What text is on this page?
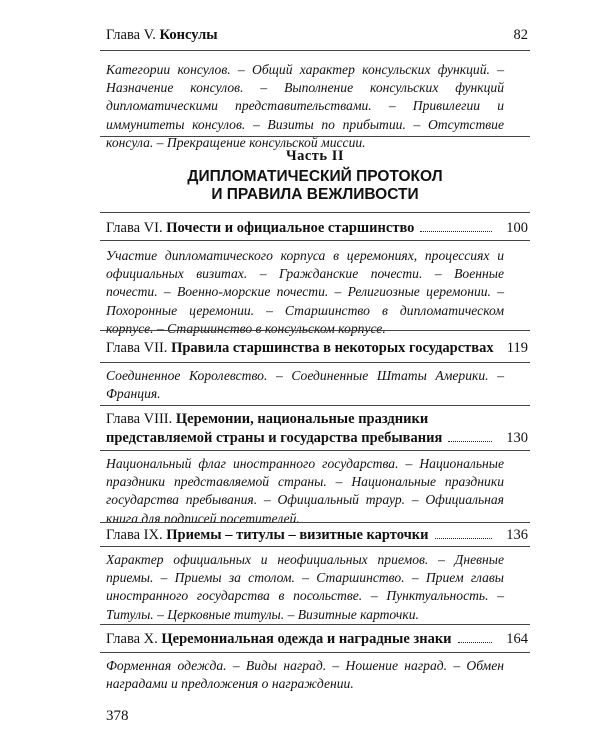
Глава V. Консулы	82
Категории консулов. – Общий характер консульских функций. – Назначение консулов. – Выполнение консульских функций дипломатическими представительствами. – Привилегии и иммунитеты консулов. – Визиты по прибытии. – Отсутствие консула. – Прекращение консульской миссии.
Часть II
ДИПЛОМАТИЧЕСКИЙ ПРОТОКОЛ
И ПРАВИЛА ВЕЖЛИВОСТИ
Глава VI. Почести и официальное старшинство	100
Участие дипломатического корпуса в церемониях, процессиях и официальных визитах. – Гражданские почести. – Военные почести. – Военно-морские почести. – Религиозные церемонии. – Похоронные церемонии. – Старшинство в дипломатическом корпусе. – Старшинство в консульском корпусе.
Глава VII. Правила старшинства в некоторых государствах 119
Соединенное Королевство. – Соединенные Штаты Америки. – Франция.
Глава VIII. Церемонии, национальные праздники
представляемой страны и государства пребывания	130
Национальный флаг иностранного государства. – Национальные праздники представляемой страны. – Национальные праздники государства пребывания. – Официальный траур. – Официальная книга для подписей посетителей.
Глава IX. Приемы – титулы – визитные карточки	136
Характер официальных и неофициальных приемов. – Дневные приемы. – Приемы за столом. – Старшинство. – Прием главы иностранного государства в посольстве. – Пунктуальность. – Титулы. – Церковные титулы. – Визитные карточки.
Глава X. Церемониальная одежда и наградные знаки	164
Форменная одежда. – Виды наград. – Ношение наград. – Обмен наградами и предложения о награждении.
378
